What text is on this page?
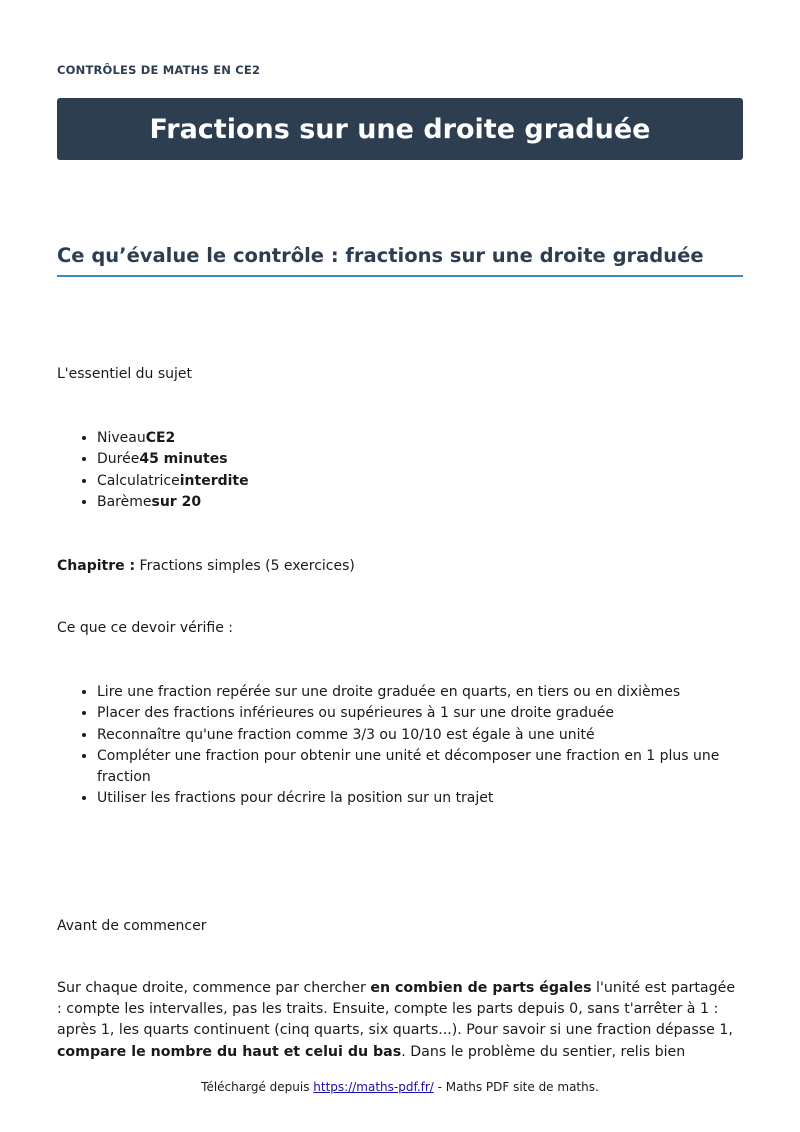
CONTRÔLES DE MATHS EN CE2
Fractions sur une droite graduée
Ce qu’évalue le contrôle : fractions sur une droite graduée
L'essentiel du sujet
• NiveauCE2
• Durée45 minutes
• Calculatriceinterdite
• Barèmesur 20
Chapitre : Fractions simples (5 exercices)
Ce que ce devoir vérifie :
• Lire une fraction repérée sur une droite graduée en quarts, en tiers ou en dixièmes
• Placer des fractions inférieures ou supérieures à 1 sur une droite graduée
• Reconnaître qu'une fraction comme 3/3 ou 10/10 est égale à une unité
• Compléter une fraction pour obtenir une unité et décomposer une fraction en 1 plus une fraction
• Utiliser les fractions pour décrire la position sur un trajet
Avant de commencer
Sur chaque droite, commence par chercher en combien de parts égales l'unité est partagée : compte les intervalles, pas les traits. Ensuite, compte les parts depuis 0, sans t'arrêter à 1 : après 1, les quarts continuent (cinq quarts, six quarts...). Pour savoir si une fraction dépasse 1, compare le nombre du haut et celui du bas. Dans le problème du sentier, relis bien
Téléchargé depuis https://maths-pdf.fr/ - Maths PDF site de maths.
